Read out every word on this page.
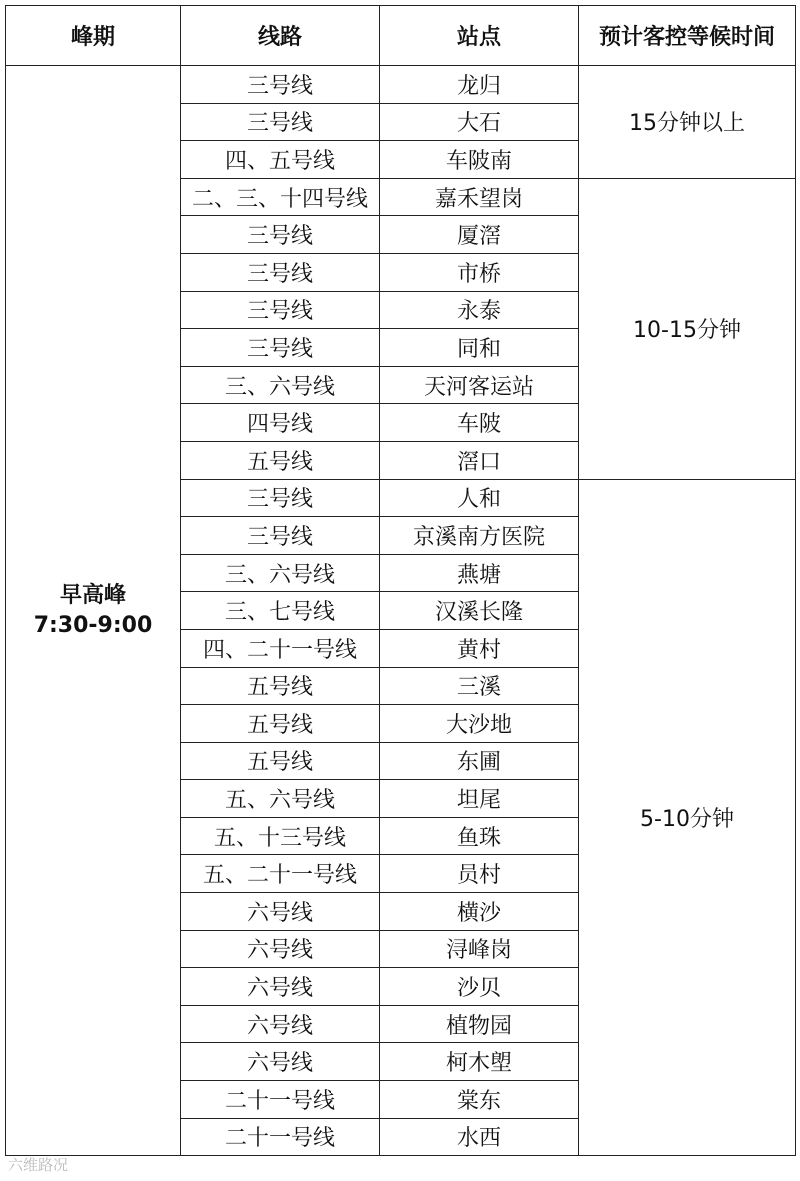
峰期	线路	站点	预计客控等候时间

早高峰
7:30-9:00	三号线	龙归	15分钟以上
	三号线	大石	
	四、五号线	车陂南	
	二、三、十四号线	嘉禾望岗	10-15分钟
	三号线	厦滘	
	三号线	市桥	
	三号线	永泰	
	三号线	同和	
	三、六号线	天河客运站	
	四号线	车陂	
	五号线	滘口	
	三号线	人和	5-10分钟
	三号线	京溪南方医院	
	三、六号线	燕塘	
	三、七号线	汉溪长隆	
	四、二十一号线	黄村	
	五号线	三溪	
	五号线	大沙地	
	五号线	东圃	
	五、六号线	坦尾	
	五、十三号线	鱼珠	
	五、二十一号线	员村	
	六号线	横沙	
	六号线	浔峰岗	
	六号线	沙贝	
	六号线	植物园	
	六号线	柯木塱	
	二十一号线	棠东	
	二十一号线	水西	
六维路况
